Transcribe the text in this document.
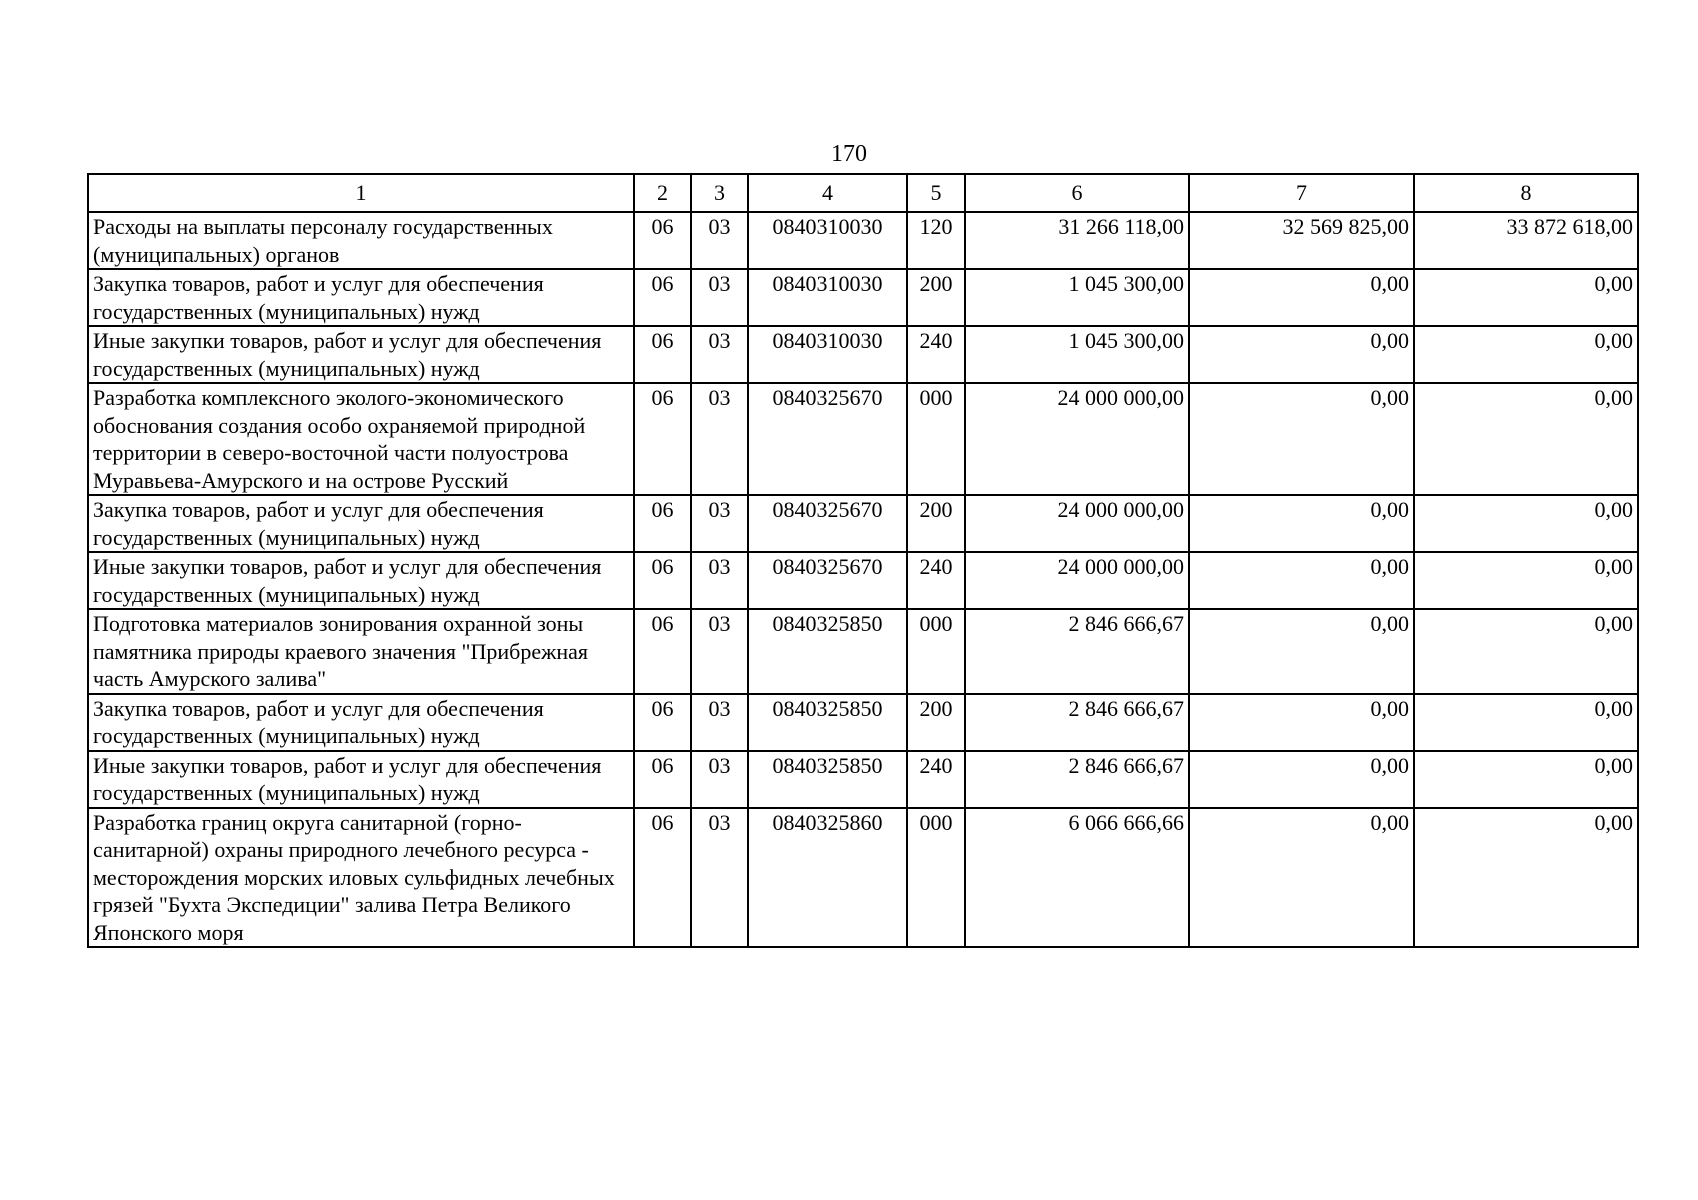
170
1	2	3	4	5	6	7	8
Расходы на выплаты персоналу государственных (муниципальных) органов	06	03	0840310030	120	31 266 118,00	32 569 825,00	33 872 618,00
Закупка товаров, работ и услуг для обеспечения государственных (муниципальных) нужд	06	03	0840310030	200	1 045 300,00	0,00	0,00
Иные закупки товаров, работ и услуг для обеспечения государственных (муниципальных) нужд	06	03	0840310030	240	1 045 300,00	0,00	0,00
Разработка комплексного эколого-экономического обоснования создания особо охраняемой природной территории в северо-восточной части полуострова Муравьева-Амурского и на острове Русский	06	03	0840325670	000	24 000 000,00	0,00	0,00
Закупка товаров, работ и услуг для обеспечения государственных (муниципальных) нужд	06	03	0840325670	200	24 000 000,00	0,00	0,00
Иные закупки товаров, работ и услуг для обеспечения государственных (муниципальных) нужд	06	03	0840325670	240	24 000 000,00	0,00	0,00
Подготовка материалов зонирования охранной зоны памятника природы краевого значения "Прибрежная часть Амурского залива"	06	03	0840325850	000	2 846 666,67	0,00	0,00
Закупка товаров, работ и услуг для обеспечения государственных (муниципальных) нужд	06	03	0840325850	200	2 846 666,67	0,00	0,00
Иные закупки товаров, работ и услуг для обеспечения государственных (муниципальных) нужд	06	03	0840325850	240	2 846 666,67	0,00	0,00
Разработка границ округа санитарной (горно-санитарной) охраны природного лечебного ресурса - месторождения морских иловых сульфидных лечебных грязей "Бухта Экспедиции" залива Петра Великого Японского моря	06	03	0840325860	000	6 066 666,66	0,00	0,00
